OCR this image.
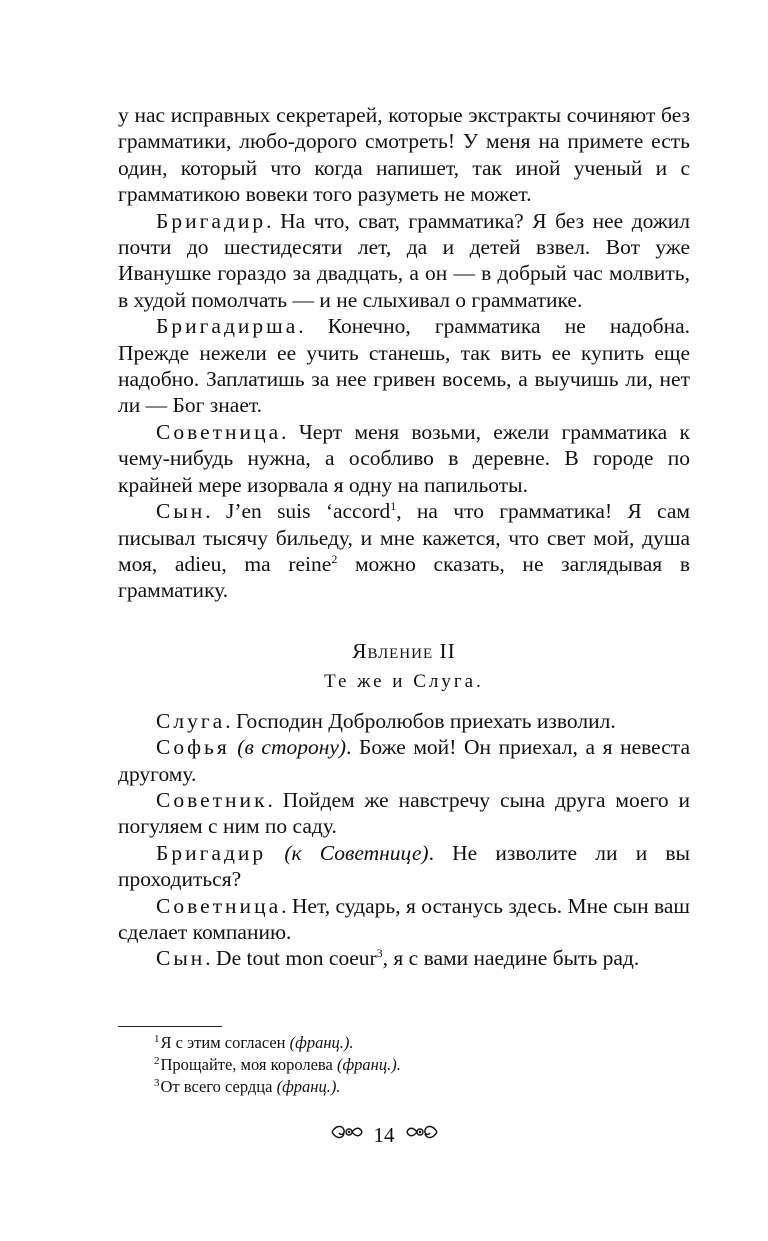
у нас исправных секретарей, которые экстракты сочиняют без грамматики, любо-дорого смотреть! У меня на примете есть один, который что когда напишет, так иной ученый и с грамматикою вовеки того разуметь не может.

Бригадир. На что, сват, грамматика? Я без нее дожил почти до шестидесяти лет, да и детей взвел. Вот уже Иванушке гораздо за двадцать, а он — в добрый час молвить, в худой помолчать — и не слыхивал о грамматике.

Бригадирша. Конечно, грамматика не надобна. Прежде нежели ее учить станешь, так вить ее купить еще надобно. Заплатишь за нее гривен восемь, а выучишь ли, нет ли — Бог знает.

Советница. Черт меня возьми, ежели грамматика к чему-нибудь нужна, а особливо в деревне. В городе по крайней мере изорвала я одну на папильоты.

Сын. J’en suis ‘accord$^1$, на что грамматика! Я сам писывал тысячу бильеду, и мне кажется, что свет мой, душа моя, adieu, ma reine$^2$ можно сказать, не заглядывая в грамматику.

Явление II
Те же и Слуга.

Слуга. Господин Добролюбов приехать изволил.

Софья (в сторону). Боже мой! Он приехал, а я невеста другому.

Советник. Пойдем же навстречу сына друга моего и погуляем с ним по саду.

Бригадир (к Советнице). Не изволите ли и вы проходиться?

Советница. Нет, сударь, я останусь здесь. Мне сын ваш сделает компанию.

Сын. De tout mon coeur$^3$, я с вами наедине быть рад.

$^1$Я с этим согласен (франц.).

$^2$Прощайте, моя королева (франц.).

$^3$От всего сердца (франц.).

14
